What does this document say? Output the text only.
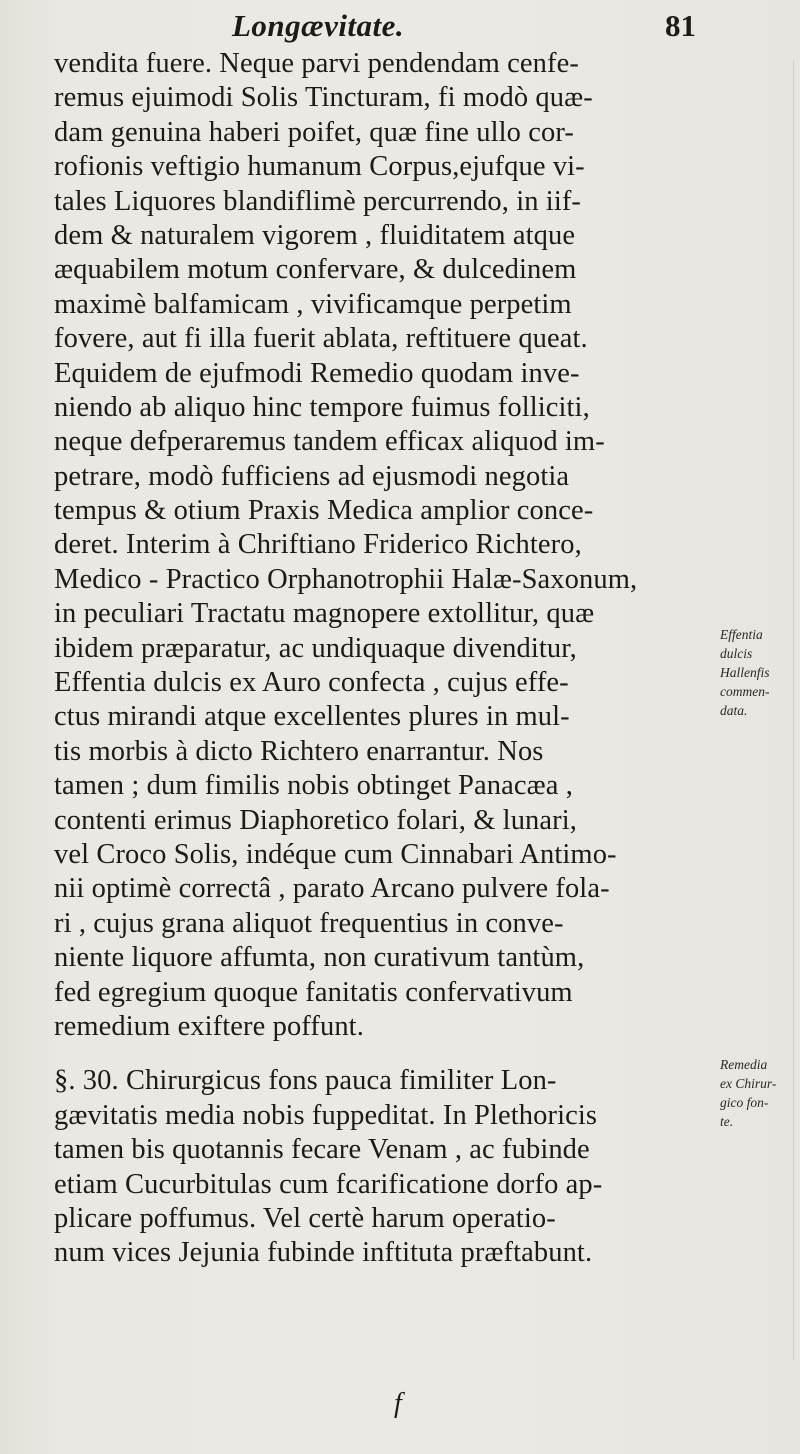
Longævitate.	81
vendita fuere. Neque parvi pendendam cenfe-
remus ejuimodi Solis Tincturam, fi modò quæ-
dam genuina haberi poifet, quæ fine ullo cor-
rofionis veftigio humanum Corpus,ejufque vi-
tales Liquores blandiflimè percurrendo, in iif-
dem & naturalem vigorem , fluiditatem atque
æquabilem motum confervare, & dulcedinem
maximè balfamicam , vivificamque perpetim
fovere, aut fi illa fuerit ablata, reftituere queat.
Equidem de ejufmodi Remedio quodam inve-
niendo ab aliquo hinc tempore fuimus folliciti,
neque defperaremus tandem efficax aliquod im-
petrare, modò fufficiens ad ejusmodi negotia
tempus & otium Praxis Medica amplior conce-
deret. Interim à Chriftiano Friderico Richtero,
Medico - Practico Orphanotrophii Halæ-Saxonum,
in peculiari Tractatu magnopere extollitur, quæ
ibidem præparatur, ac undiquaque divenditur,
Effentia dulcis ex Auro confecta , cujus effe-
ctus mirandi atque excellentes plures in mul-
tis morbis à dicto Richtero enarrantur. Nos
tamen ; dum fimilis nobis obtinget Panacæa ,
contenti erimus Diaphoretico folari, & lunari,
vel Croco Solis, indéque cum Cinnabari Antimo-
nii optimè correctâ , parato Arcano pulvere fola-
ri , cujus grana aliquot frequentius in conve-
niente liquore affumta, non curativum tantùm,
fed egregium quoque fanitatis confervativum
remedium exiftere poffunt.
§. 30. Chirurgicus fons pauca fimiliter Lon-
gævitatis media nobis fuppeditat. In Plethoricis
tamen bis quotannis fecare Venam , ac fubinde
etiam Cucurbitulas cum fcarificatione dorfo ap-
plicare poffumus. Vel certè harum operatio-
num vices Jejunia fubinde inftituta præftabunt.
Effentia
dulcis
Hallenfis
commen-
data.
Remedia
ex Chirur-
gico fon-
te.
f
